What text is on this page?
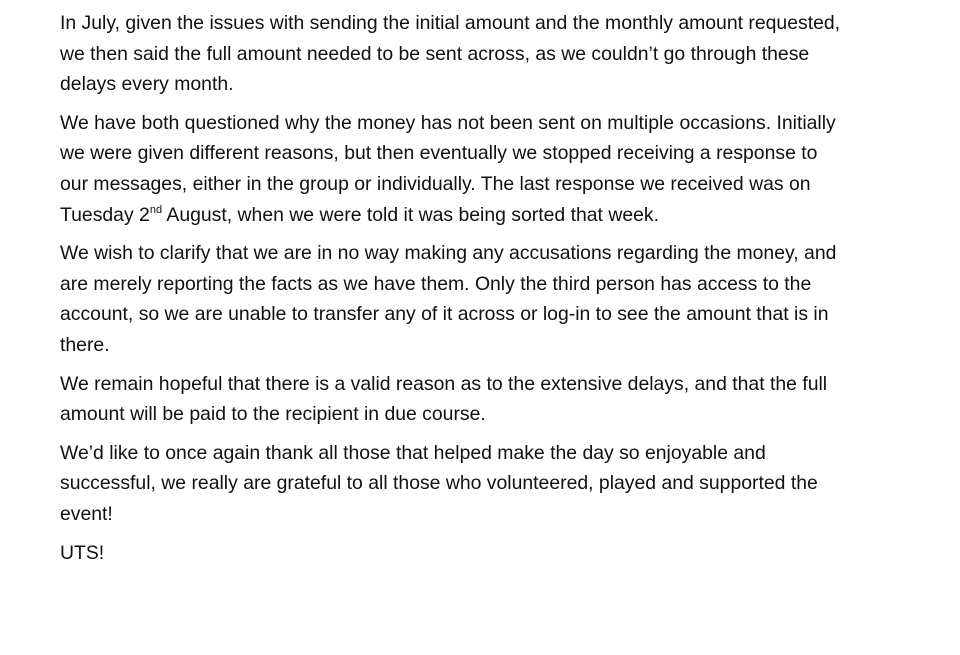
In July, given the issues with sending the initial amount and the monthly amount requested,
we then said the full amount needed to be sent across, as we couldn’t go through these
delays every month.
We have both questioned why the money has not been sent on multiple occasions. Initially
we were given different reasons, but then eventually we stopped receiving a response to
our messages, either in the group or individually. The last response we received was on
Tuesday 2nd August, when we were told it was being sorted that week.
We wish to clarify that we are in no way making any accusations regarding the money, and
are merely reporting the facts as we have them. Only the third person has access to the
account, so we are unable to transfer any of it across or log-in to see the amount that is in
there.
We remain hopeful that there is a valid reason as to the extensive delays, and that the full
amount will be paid to the recipient in due course.
We’d like to once again thank all those that helped make the day so enjoyable and
successful, we really are grateful to all those who volunteered, played and supported the
event!
UTS!
